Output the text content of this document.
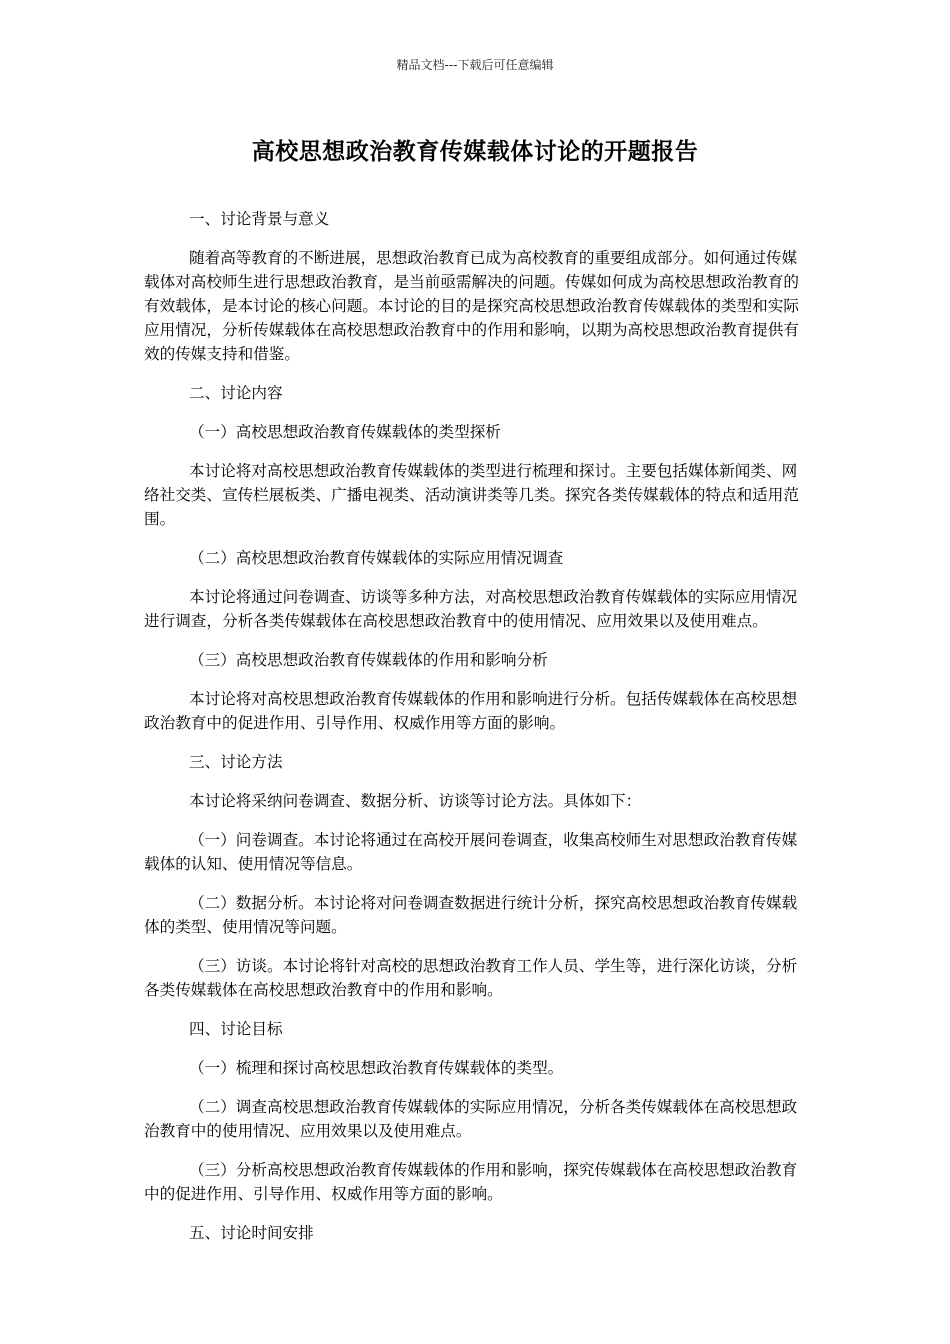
精品文档---下载后可任意编辑
高校思想政治教育传媒载体讨论的开题报告

一、讨论背景与意义

随着高等教育的不断进展，思想政治教育已成为高校教育的重要组成部分。如何通过传媒载体对高校师生进行思想政治教育，是当前亟需解决的问题。传媒如何成为高校思想政治教育的有效载体，是本讨论的核心问题。本讨论的目的是探究高校思想政治教育传媒载体的类型和实际应用情况，分析传媒载体在高校思想政治教育中的作用和影响，以期为高校思想政治教育提供有效的传媒支持和借鉴。

二、讨论内容

（一）高校思想政治教育传媒载体的类型探析

本讨论将对高校思想政治教育传媒载体的类型进行梳理和探讨。主要包括媒体新闻类、网络社交类、宣传栏展板类、广播电视类、活动演讲类等几类。探究各类传媒载体的特点和适用范围。

（二）高校思想政治教育传媒载体的实际应用情况调查

本讨论将通过问卷调查、访谈等多种方法，对高校思想政治教育传媒载体的实际应用情况进行调查，分析各类传媒载体在高校思想政治教育中的使用情况、应用效果以及使用难点。

（三）高校思想政治教育传媒载体的作用和影响分析

本讨论将对高校思想政治教育传媒载体的作用和影响进行分析。包括传媒载体在高校思想政治教育中的促进作用、引导作用、权威作用等方面的影响。

三、讨论方法

本讨论将采纳问卷调查、数据分析、访谈等讨论方法。具体如下：

（一）问卷调查。本讨论将通过在高校开展问卷调查，收集高校师生对思想政治教育传媒载体的认知、使用情况等信息。

（二）数据分析。本讨论将对问卷调查数据进行统计分析，探究高校思想政治教育传媒载体的类型、使用情况等问题。

（三）访谈。本讨论将针对高校的思想政治教育工作人员、学生等，进行深化访谈，分析各类传媒载体在高校思想政治教育中的作用和影响。

四、讨论目标

（一）梳理和探讨高校思想政治教育传媒载体的类型。

（二）调查高校思想政治教育传媒载体的实际应用情况，分析各类传媒载体在高校思想政治教育中的使用情况、应用效果以及使用难点。

（三）分析高校思想政治教育传媒载体的作用和影响，探究传媒载体在高校思想政治教育中的促进作用、引导作用、权威作用等方面的影响。

五、讨论时间安排
